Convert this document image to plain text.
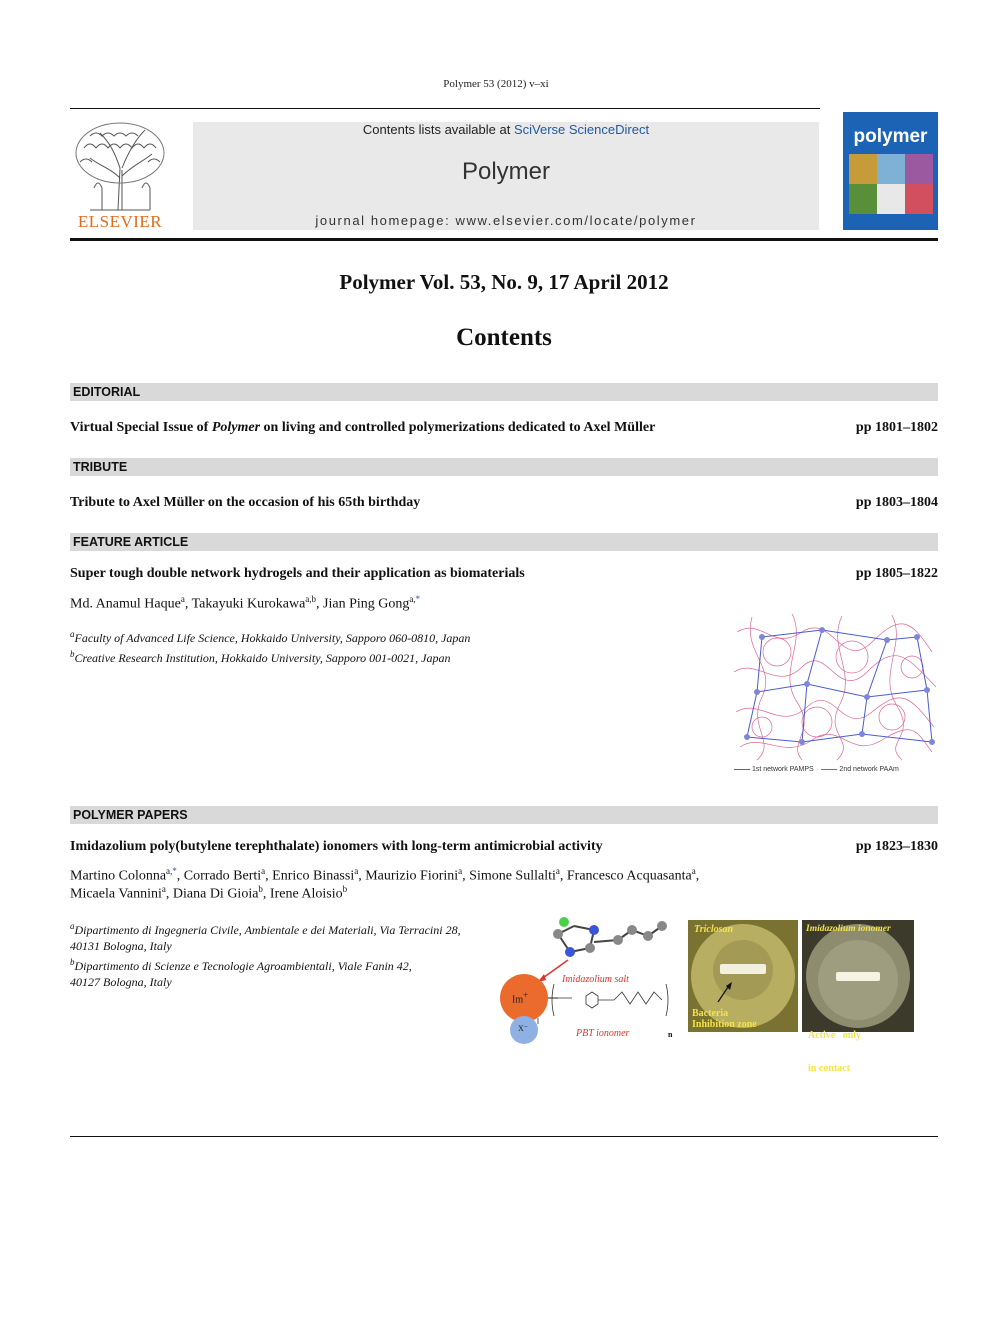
Polymer 53 (2012) v–xi
ELSEVIER
Contents lists available at SciVerse ScienceDirect
Polymer
journal homepage: www.elsevier.com/locate/polymer
polymer
Polymer Vol. 53, No. 9, 17 April 2012
Contents
EDITORIAL
Virtual Special Issue of Polymer on living and controlled polymerizations dedicated to Axel Müller	pp 1801–1802
TRIBUTE
Tribute to Axel Müller on the occasion of his 65th birthday	pp 1803–1804
FEATURE ARTICLE
Super tough double network hydrogels and their application as biomaterials	pp 1805–1822
Md. Anamul Haque$^a$, Takayuki Kurokawa$^{a,b}$, Jian Ping Gong$^{a,*}$
$^a$Faculty of Advanced Life Science, Hokkaido University, Sapporo 060-0810, Japan
$^b$Creative Research Institution, Hokkaido University, Sapporo 001-0021, Japan
1st network PAMPS	2nd network PAAm
POLYMER PAPERS
Imidazolium poly(butylene terephthalate) ionomers with long-term antimicrobial activity	pp 1823–1830
Martino Colonna$^{a,*}$, Corrado Berti$^a$, Enrico Binassi$^a$, Maurizio Fiorini$^a$, Simone Sullalti$^a$, Francesco Acquasanta$^a$,
Micaela Vannini$^a$, Diana Di Gioia$^b$, Irene Aloisio$^b$
$^a$Dipartimento di Ingegneria Civile, Ambientale e dei Materiali, Via Terracini 28,
40131 Bologna, Italy
$^b$Dipartimento di Scienze e Tecnologie Agroambientali, Viale Fanin 42,
40127 Bologna, Italy	Imidazolium salt
Im+
X⁻	PBT ionomer	n
Triclosan
Bacteria
Inhibition zone
Imidazolium ionomer

Active   only

in contact
